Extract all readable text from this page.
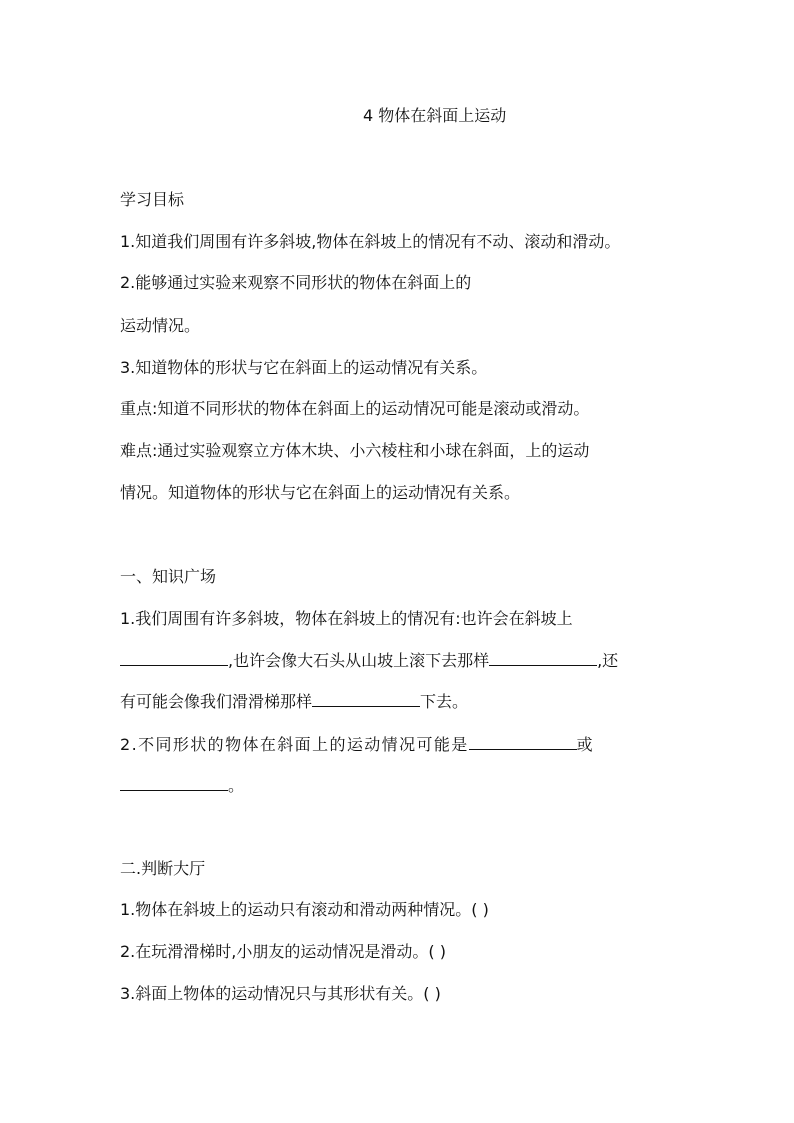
4 物体在斜面上运动
学习目标
1.知道我们周围有许多斜坡,物体在斜坡上的情况有不动、滚动和滑动。
2.能够通过实验来观察不同形状的物体在斜面上的
运动情况。
3.知道物体的形状与它在斜面上的运动情况有关系。
重点:知道不同形状的物体在斜面上的运动情况可能是滚动或滑动。
难点:通过实验观察立方体木块、小六棱柱和小球在斜面，上的运动
情况。知道物体的形状与它在斜面上的运动情况有关系。
一、知识广场
1.我们周围有许多斜坡，物体在斜坡上的情况有:也许会在斜坡上
,也许会像大石头从山坡上滚下去那样	,还
有可能会像我们滑滑梯那样	下去。
2.不同形状的物体在斜面上的运动情况可能是	或
。
二.判断大厅
1.物体在斜坡上的运动只有滚动和滑动两种情况。( )
2.在玩滑滑梯时,小朋友的运动情况是滑动。( )
3.斜面上物体的运动情况只与其形状有关。( )
